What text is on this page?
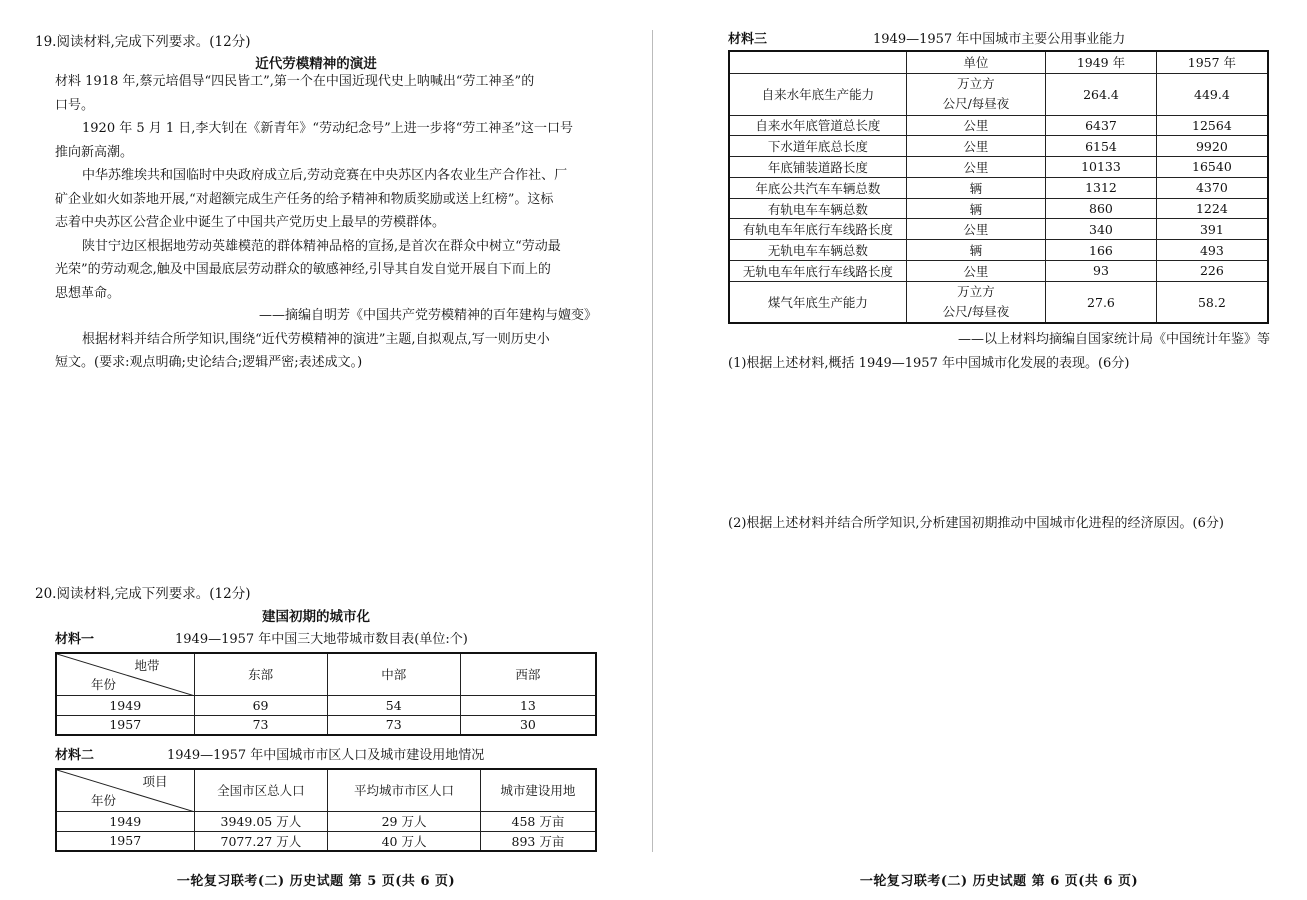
19.阅读材料,完成下列要求。(12分)
近代劳模精神的演进
材料 1918 年,蔡元培倡导“四民皆工”,第一个在中国近现代史上呐喊出“劳工神圣”的
口号。
1920 年 5 月 1 日,李大钊在《新青年》“劳动纪念号”上进一步将“劳工神圣”这一口号
推向新高潮。
中华苏维埃共和国临时中央政府成立后,劳动竞赛在中央苏区内各农业生产合作社、厂
矿企业如火如荼地开展,“对超额完成生产任务的给予精神和物质奖励或送上红榜”。这标
志着中央苏区公营企业中诞生了中国共产党历史上最早的劳模群体。
陕甘宁边区根据地劳动英雄模范的群体精神品格的宣扬,是首次在群众中树立“劳动最
光荣”的劳动观念,触及中国最底层劳动群众的敏感神经,引导其自发自觉开展自下而上的
思想革命。
——摘编自明芳《中国共产党劳模精神的百年建构与嬗变》
根据材料并结合所学知识,围绕“近代劳模精神的演进”主题,自拟观点,写一则历史小
短文。(要求:观点明确;史论结合;逻辑严密;表述成文。)
20.阅读材料,完成下列要求。(12分)
建国初期的城市化
材料一	1949—1957 年中国三大地带城市数目表(单位:个)
地带
年份	东部	中部	西部
1949	69	54	13
1957	73	73	30
材料二	1949—1957 年中国城市市区人口及城市建设用地情况
项目
年份	全国市区总人口	平均城市市区人口	城市建设用地
1949	3949.05 万人	29 万人	458 万亩
1957	7077.27 万人	40 万人	893 万亩
一轮复习联考(二) 历史试题 第 5 页(共 6 页)
材料三	1949—1957 年中国城市主要公用事业能力
	单位	1949 年	1957 年
自来水年底生产能力	万立方
公尺/每昼夜	264.4	449.4
自来水年底管道总长度	公里	6437	12564
下水道年底总长度	公里	6154	9920
年底铺装道路长度	公里	10133	16540
年底公共汽车车辆总数	辆	1312	4370
有轨电车车辆总数	辆	860	1224
有轨电车年底行车线路长度	公里	340	391
无轨电车车辆总数	辆	166	493
无轨电车年底行车线路长度	公里	93	226
煤气年底生产能力	万立方
公尺/每昼夜	27.6	58.2
——以上材料均摘编自国家统计局《中国统计年鉴》等
(1)根据上述材料,概括 1949—1957 年中国城市化发展的表现。(6分)
(2)根据上述材料并结合所学知识,分析建国初期推动中国城市化进程的经济原因。(6分)
一轮复习联考(二) 历史试题 第 6 页(共 6 页)
